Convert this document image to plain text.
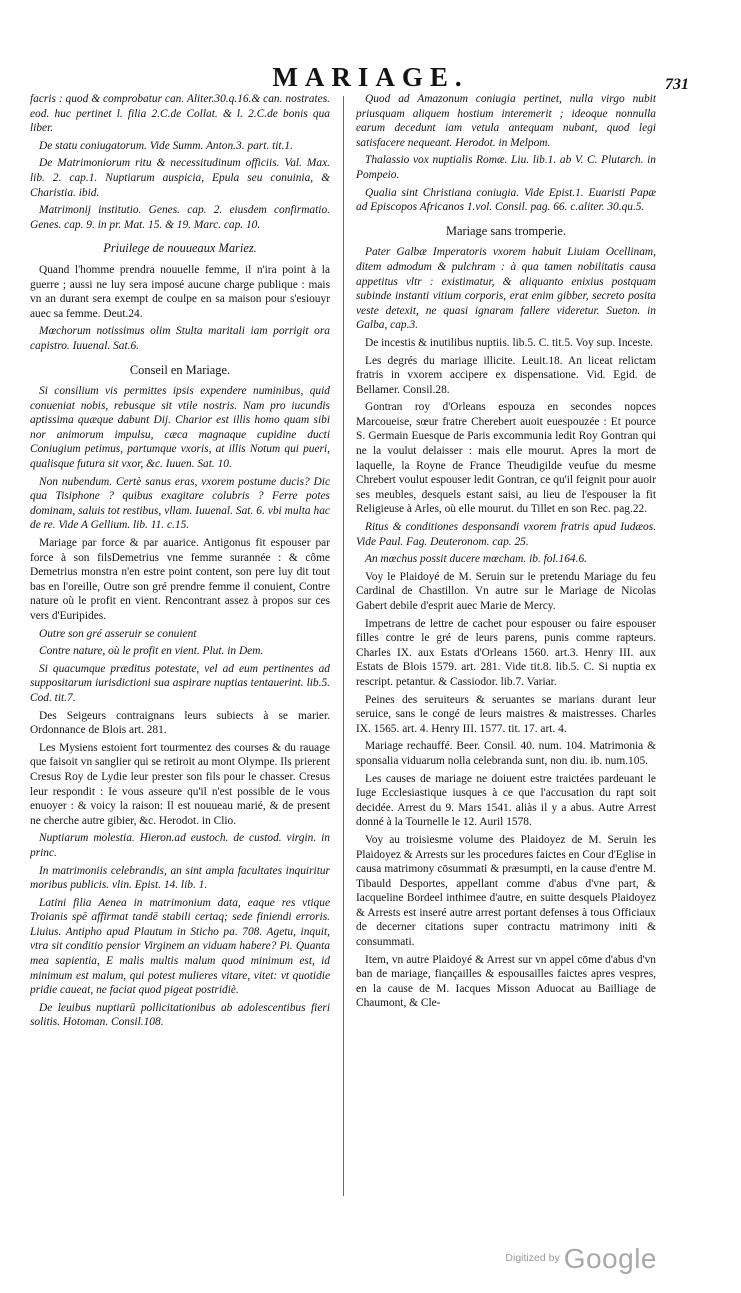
MARIAGE.	731

facris : quod & comprobatur can. Aliter.30.q.16.& can. nostrates. eod. huc pertinet l. filia 2.C.de Collat. & l. 2.C.de bonis qua liber.

De statu coniugatorum. Vide Summ. Anton.3. part. tit.1.

De Matrimoniorum ritu & necessitudinum officiis. Val. Max. lib. 2. cap.1. Nuptiarum auspicia, Epula seu conuinia, & Charistia. ibid.

Matrimonij institutio. Genes. cap. 2. eiusdem confirmatio. Genes. cap. 9. in pr. Mat. 15. & 19. Marc. cap. 10.

Priuilege de nouueaux Mariez.

Quand l'homme prendra nouuelle femme, il n'ira point à la guerre ; aussi ne luy sera imposé aucune charge publique : mais vn an durant sera exempt de coulpe en sa maison pour s'esiouyr auec sa femme. Deut.24.

Mœchorum notissimus olim Stulta maritali iam porrigit ora capistro. Iuuenal. Sat.6.

Conseil en Mariage.

Si consilium vis permittes ipsis expendere numinibus, quid conueniat nobis, rebusque sit vtile nostris. Nam pro iucundis aptissima quæque dabunt Dij. Charior est illis homo quam sibi nor animorum impulsu, cæca magnaque cupidine ducti Coniugium petimus, partumque vxoris, at illis Notum qui pueri, qualisque futura sit vxor, &c. Iuuen. Sat. 10.

Non nubendum. Certè sanus eras, vxorem postume ducis? Dic qua Tisiphone ? quibus exagitare colubris ? Ferre potes dominam, saluis tot restibus, vllam. Iuuenal. Sat. 6. vbi multa hac de re. Vide A Gellium. lib. 11. c.15.

Mariage par force & par auarice. Antigonus fit espouser par force à son filsDemetrius vne femme surannée : & côme Demetrius monstra n'en estre point content, son pere luy dit tout bas en l'oreille, Outre son gré prendre femme il conuient, Contre nature où le profit en vient. Rencontrant assez à propos sur ces vers d'Euripides.

Outre son gré asseruir se conuient

Contre nature, où le profit en vient. Plut. in Dem.

Si quacumque præditus potestate, vel ad eum pertinentes ad suppositarum iurisdictioni sua aspirare nuptias tentauerint. lib.5. Cod. tit.7.

Des Seigeurs contraignans leurs subiects à se marier. Ordonnance de Blois art. 281.

Les Mysiens estoient fort tourmentez des courses & du rauage que faisoit vn sanglier qui se retiroit au mont Olympe. Ils prierent Cresus Roy de Lydie leur prester son fils pour le chasser. Cresus leur respondit : Ie vous asseure qu'il n'est possible de le vous enuoyer : & voicy la raison: Il est nouueau marié, & de present ne cherche autre gibier, &c. Herodot. in Clio.

Nuptiarum molestia. Hieron.ad eustoch. de custod. virgin. in princ.

In matrimoniis celebrandis, an sint ampla facultates inquiritur moribus publicis. vlin. Epist. 14. lib. 1.

Latini filia Aenea in matrimonium data, eaque res vtique Troianis spē affirmat tandē stabili certaq; sede finiendi erroris. Liuius. Antipho apud Plautum in Sticho pa. 708. Agetu, inquit, vtra sit conditio pensior Virginem an viduam habere? Pi. Quanta mea sapientia, E malis multis malum quod minimum est, id minimum est malum, qui potest mulieres vitare, vitet: vt quotidie pridie caueat, ne faciat quod pigeat postridiè.

De leuibus nuptiarū pollicitationibus ab adolescentibus fieri solitis. Hotoman. Consil.108.

Quod ad Amazonum coniugia pertinet, nulla virgo nubit priusquam aliquem hostium interemerit ; ideoque nonnulla earum decedunt iam vetula antequam nubant, quod legi satisfacere nequeant. Herodot. in Melpom.

Thalassio vox nuptialis Romæ. Liu. lib.1. ab V. C. Plutarch. in Pompeio.

Qualia sint Christiana coniugia. Vide Epist.1. Euaristi Papæ ad Episcopos Africanos 1.vol. Consil. pag. 66. c.aliter. 30.qu.5.

Mariage sans tromperie.

Pater Galbæ Imperatoris vxorem habuit Liuiam Ocellinam, ditem admodum & pulchram : à qua tamen nobilitatis causa appetitus vltr : existimatur, & aliquanto enixius postquam subinde instanti vitium corporis, erat enim gibber, secreto posita veste detexit, ne quasi ignaram fallere videretur. Sueton. in Galba, cap.3.

De incestis & inutilibus nuptiis. lib.5. C. tit.5. Voy sup. Inceste.

Les degrés du mariage illicite. Leuit.18. An liceat relictam fratris in vxorem accipere ex dispensatione. Vid. Egid. de Bellamer. Consil.28.

Gontran roy d'Orleans espouza en secondes nopces Marcoueise, sœur fratre Cherebert auoit euespouzée : Et pource S. Germain Euesque de Paris excommunia ledit Roy Gontran qui ne la voulut delaisser : mais elle mourut. Apres la mort de laquelle, la Royne de France Theudigilde veufue du mesme Chrebert voulut espouser ledit Gontran, ce qu'il feignit pour auoir ses meubles, desquels estant saisi, au lieu de l'espouser la fit Religieuse à Arles, où elle mourut. du Tillet en son Rec. pag.22.

Ritus & conditiones desponsandi vxorem fratris apud Iudæos. Vide Paul. Fag. Deuteronom. cap. 25.

An mœchus possit ducere mœcham. ib. fol.164.6.

Voy le Plaidoyé de M. Seruin sur le pretendu Mariage du feu Cardinal de Chastillon. Vn autre sur le Mariage de Nicolas Gabert debile d'esprit auec Marie de Mercy.

Impetrans de lettre de cachet pour espouser ou faire espouser filles contre le gré de leurs parens, punis comme rapteurs. Charles IX. aux Estats d'Orleans 1560. art.3. Henry III. aux Estats de Blois 1579. art. 281. Vide tit.8. lib.5. C. Si nuptia ex rescript. petantur. & Cassiodor. lib.7. Variar.

Peines des seruiteurs & seruantes se marians durant leur seruice, sans le congé de leurs maistres & maistresses. Charles IX. 1565. art. 4. Henry III. 1577. tit. 17. art. 4.

Mariage rechauffé. Beer. Consil. 40. num. 104. Matrimonia & sponsalia viduarum nolla celebranda sunt, non diu. ib. num.105.

Les causes de mariage ne doiuent estre traictées pardeuant le Iuge Ecclesiastique iusques à ce que l'accusation du rapt soit decidée. Arrest du 9. Mars 1541. aliàs il y a abus. Autre Arrest donné à la Tournelle le 12. Auril 1578.

Voy au troisiesme volume des Plaidoyez de M. Seruin les Plaidoyez & Arrests sur les procedures faictes en Cour d'Eglise in causa matrimony cōsummati & præsumpti, en la cause d'entre M. Tibauld Desportes, appellant comme d'abus d'vne part, & Iacqueline Bordeel inthimee d'autre, en suitte desquels Plaidoyez & Arrests est inseré autre arrest portant defenses à tous Officiaux de decerner citations super contractu matrimony initi & consummati.

Item, vn autre Plaidoyé & Arrest sur vn appel cōme d'abus d'vn ban de mariage, fiançailles & espousailles faictes apres vespres, en la cause de M. Iacques Misson Aduocat au Bailliage de Chaumont, & Cle-

$^{Digitized by}$ Google
